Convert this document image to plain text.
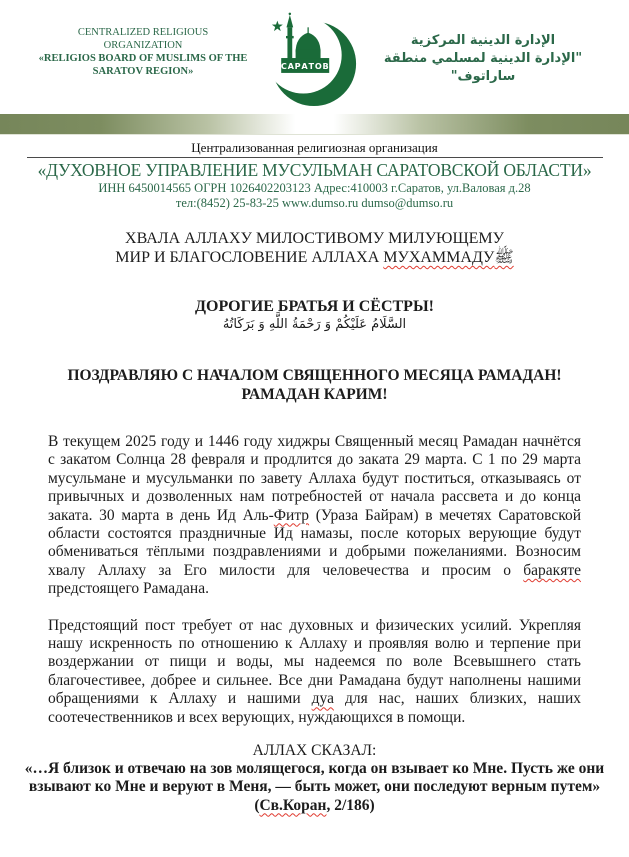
CENTRALIZED RELIGIOUS
ORGANIZATION
«RELIGIOS BOARD OF MUSLIMS OF THE
SARATOV REGION»	САРАТОВ
الإدارة الدينية المركزية
"الإدارة الدينية لمسلمي منطقة ساراتوف"
Централизованная религиозная организация
«ДУХОВНОЕ УПРАВЛЕНИЕ МУСУЛЬМАН САРАТОВСКОЙ ОБЛАСТИ»
ИНН 6450014565 ОГРН 1026402203123 Адрес:410003 г.Саратов, ул.Валовая д.28
тел:(8452) 25-83-25 www.dumso.ru dumso@dumso.ru
ХВАЛА АЛЛАХУ МИЛОСТИВОМУ МИЛУЮЩЕМУ
МИР И БЛАГОСЛОВЕНИЕ АЛЛАХА МУХАММАДУﷺ
ДОРОГИЕ БРАТЬЯ И СЁСТРЫ!
السَّلَامُ عَلَيْكُمْ وَ رَحْمَةُ اللَّهِ وَ بَرَكَاتُهُ
ПОЗДРАВЛЯЮ С НАЧАЛОМ СВЯЩЕННОГО МЕСЯЦА РАМАДАН!
РАМАДАН КАРИМ!
В текущем 2025 году и 1446 году хиджры Священный месяц Рамадан начнётся с закатом Солнца 28 февраля и продлится до заката 29 марта. С 1 по 29 марта мусульмане и мусульманки по завету Аллаха будут поститься, отказываясь от привычных и дозволенных нам потребностей от начала рассвета и до конца заката. 30 марта в день Ид Аль-Фитр (Ураза Байрам) в мечетях Саратовской области состоятся праздничные Ид намазы, после которых верующие будут обмениваться тёплыми поздравлениями и добрыми пожеланиями. Возносим хвалу Аллаху за Его милости для человечества и просим о баракяте предстоящего Рамадана.
Предстоящий пост требует от нас духовных и физических усилий. Укрепляя нашу искренность по отношению к Аллаху и проявляя волю и терпение при воздержании от пищи и воды, мы надеемся по воле Всевышнего стать благочестивее, добрее и сильнее. Все дни Рамадана будут наполнены нашими обращениями к Аллаху и нашими дуа для нас, наших близких, наших соотечественников и всех верующих, нуждающихся в помощи.
АЛЛАХ СКАЗАЛ:
«…Я близок и отвечаю на зов молящегося, когда он взывает ко Мне. Пусть же они взывают ко Мне и веруют в Меня, — быть может, они последуют верным путем» (Св.Коран, 2/186)
